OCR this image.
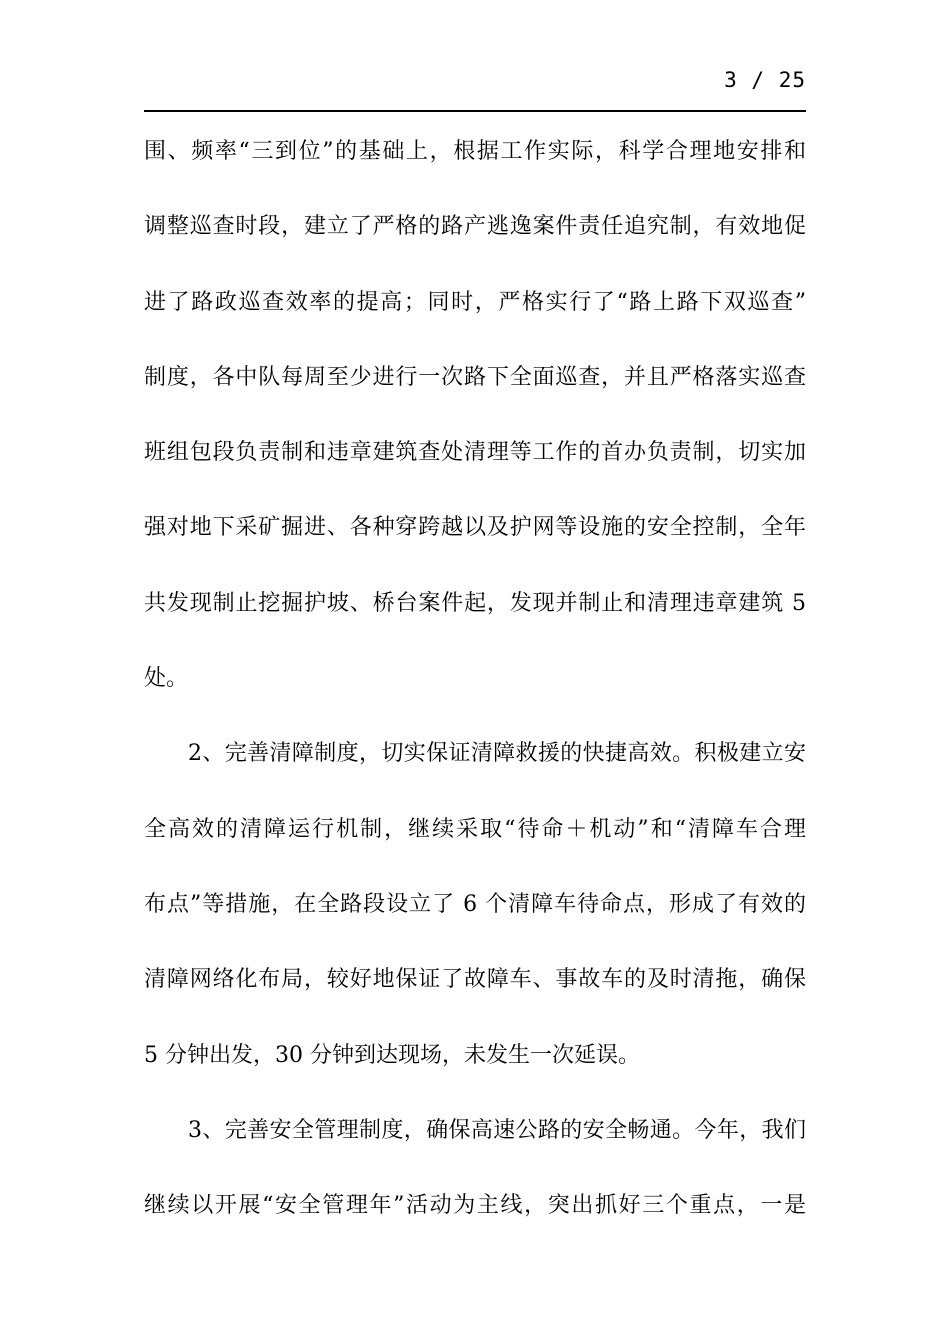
3 / 25
围、频率“三到位”的基础上，根据工作实际，科学合理地安排和
调整巡查时段，建立了严格的路产逃逸案件责任追究制，有效地促
进了路政巡查效率的提高；同时，严格实行了“路上路下双巡查”
制度，各中队每周至少进行一次路下全面巡查，并且严格落实巡查
班组包段负责制和违章建筑查处清理等工作的首办负责制，切实加
强对地下采矿掘进、各种穿跨越以及护网等设施的安全控制，全年
共发现制止挖掘护坡、桥台案件起，发现并制止和清理违章建筑 5
处。
2、完善清障制度，切实保证清障救援的快捷高效。积极建立安
全高效的清障运行机制，继续采取“待命＋机动”和“清障车合理
布点”等措施，在全路段设立了 6 个清障车待命点，形成了有效的
清障网络化布局，较好地保证了故障车、事故车的及时清拖，确保
5 分钟出发，30 分钟到达现场，未发生一次延误。
3、完善安全管理制度，确保高速公路的安全畅通。今年，我们
继续以开展“安全管理年”活动为主线，突出抓好三个重点，一是
